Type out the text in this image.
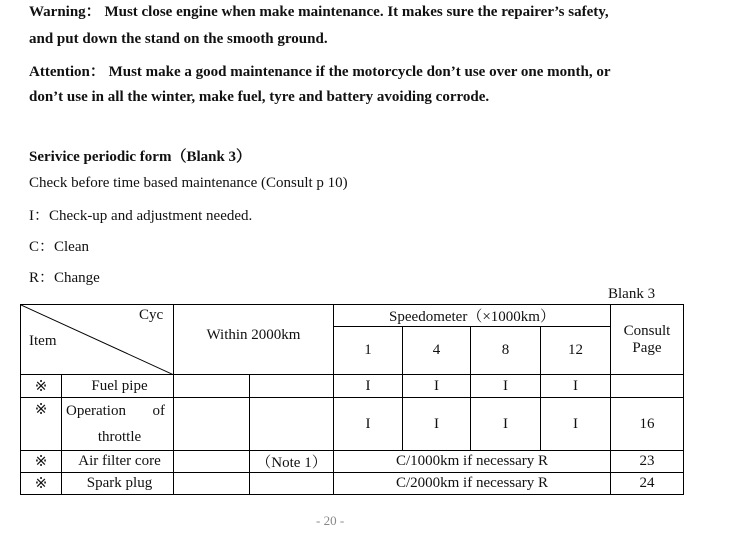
Warning： Must close engine when make maintenance. It makes sure the repairer’s safety,
and put down the stand on the smooth ground.
Attention： Must make a good maintenance if the motorcycle don’t use over one month, or
don’t use in all the winter, make fuel, tyre and battery avoiding corrode.
Serivice periodic form（Blank 3）
Check before time based maintenance (Consult p 10)
I：Check-up and adjustment needed.
C：Clean
R：Change
Blank 3
Cyc
Item		Within 2000km		Speedometer（×1000km）				Consult
Page
				1	4	8	12	
※	Fuel pipe			I	I	I	I	
※	Operation of
throttle			I	I	I	I	16
※	Air filter core		（Note 1）	C/1000km if necessary R				23
※	Spark plug			C/2000km if necessary R				24
- 20 -
